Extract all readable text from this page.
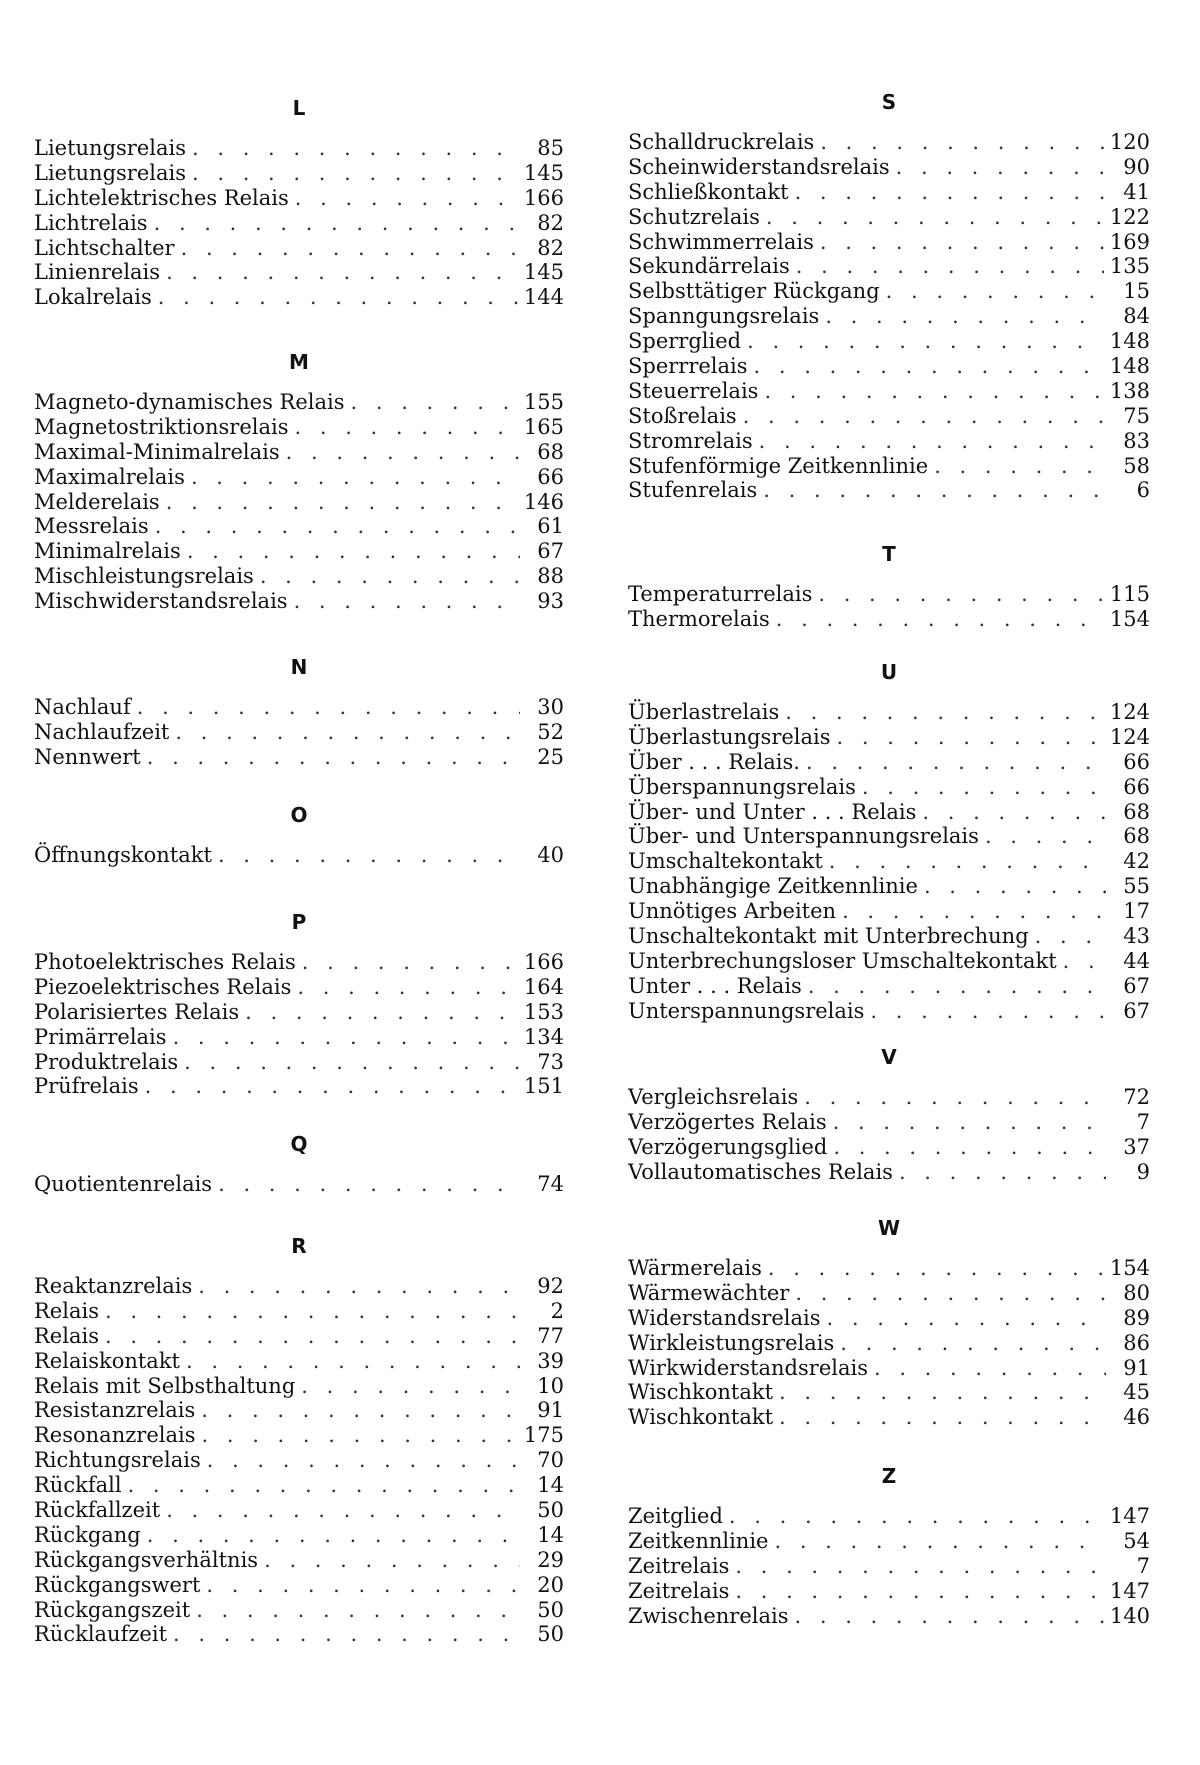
L
Lietungsrelais
. . .	85
Lietungsrelais
. . .	145
Lichtelektrisches Relais
. . .	166
Lichtrelais
. . .	82
Lichtschalter
. . .	82
Linienrelais
. . .	145
Lokalrelais
. . .	144
M
Magneto-dynamisches Relais
. . .	155
Magnetostriktionsrelais
. . .	165
Maximal-Minimalrelais
. . .	68
Maximalrelais
. . .	66
Melderelais
. . .	146
Messrelais
. . .	61
Minimalrelais
. . .	67
Mischleistungsrelais
. . .	88
Mischwiderstandsrelais
. . .	93
N
Nachlauf
. . .	30
Nachlaufzeit
. . .	52
Nennwert
. . .	25
O
Öffnungskontakt
. . .	40
P
Photoelektrisches Relais
. . .	166
Piezoelektrisches Relais
. . .	164
Polarisiertes Relais
. . .	153
Primärrelais
. . .	134
Produktrelais
. . .	73
Prüfrelais
. . .	151
Q
Quotientenrelais
. . .	74
R
Reaktanzrelais
. . .	92
Relais
. . .	2
Relais
. . .	77
Relaiskontakt
. . .	39
Relais mit Selbsthaltung
. . .	10
Resistanzrelais
. . .	91
Resonanzrelais
. . .	175
Richtungsrelais
. . .	70
Rückfall
. . .	14
Rückfallzeit
. . .	50
Rückgang
. . .	14
Rückgangsverhältnis
. . .	29
Rückgangswert
. . .	20
Rückgangszeit
. . .	50
Rücklaufzeit
. . .	50
S
Schalldruckrelais
. . .	120
Scheinwiderstandsrelais
. . .	90
Schließkontakt
. . .	41
Schutzrelais
. . .	122
Schwimmerrelais
. . .	169
Sekundärrelais
. . .	135
Selbsttätiger Rückgang
. . .	15
Spanngungsrelais
. . .	84
Sperrglied
. . .	148
Sperrrelais
. . .	148
Steuerrelais
. . .	138
Stoßrelais
. . .	75
Stromrelais
. . .	83
Stufenförmige Zeitkennlinie
. . .	58
Stufenrelais
. . .	6
T
Temperaturrelais
. . .	115
Thermorelais
. . .	154
U
Überlastrelais
. . .	124
Überlastungsrelais
. . .	124
Über . . . Relais.
. . .	66
Überspannungsrelais
. . .	66
Über- und Unter . . . Relais
. . .	68
Über- und Unterspannungsrelais
. . .	68
Umschaltekontakt
. . .	42
Unabhängige Zeitkennlinie
. . .	55
Unnötiges Arbeiten
. . .	17
Unschaltekontakt mit Unterbrechung
. . .	43
Unterbrechungsloser Umschaltekontakt
. . .	44
Unter . . . Relais
. . .	67
Unterspannungsrelais
. . .	67
V
Vergleichsrelais
. . .	72
Verzögertes Relais
. . .	7
Verzögerungsglied
. . .	37
Vollautomatisches Relais
. . .	9
W
Wärmerelais
. . .	154
Wärmewächter
. . .	80
Widerstandsrelais
. . .	89
Wirkleistungsrelais
. . .	86
Wirkwiderstandsrelais
. . .	91
Wischkontakt
. . .	45
Wischkontakt
. . .	46
Z
Zeitglied
. . .	147
Zeitkennlinie
. . .	54
Zeitrelais
. . .	7
Zeitrelais
. . .	147
Zwischenrelais
. . .	140
